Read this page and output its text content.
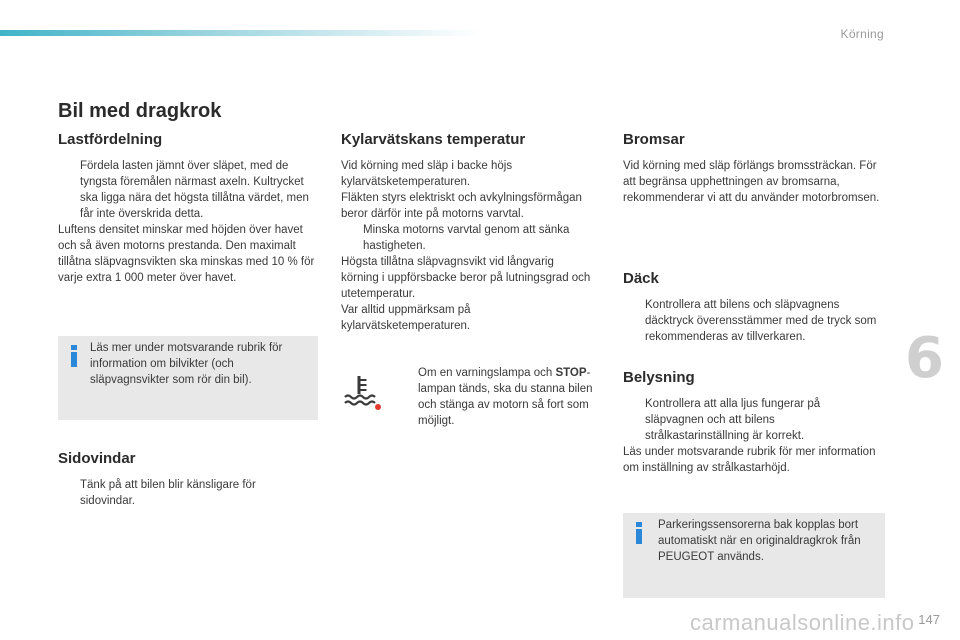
Körning
6
147
carmanualsonline.info
Bil med dragkrok
Lastfördelning

Fördela lasten jämnt över släpet, med de tyngsta föremålen närmast axeln. Kultrycket ska ligga nära det högsta tillåtna värdet, men får inte överskrida detta.

Luftens densitet minskar med höjden över havet och så även motorns prestanda. Den maximalt tillåtna släpvagnsvikten ska minskas med 10 % för varje extra 1 000 meter över havet.

Läs mer under motsvarande rubrik för information om bilvikter (och släpvagnsvikter som rör din bil).

Sidovindar

Tänk på att bilen blir känsligare för sidovindar.

Kylarvätskans temperatur

Vid körning med släp i backe höjs kylarvätsketemperaturen.

Fläkten styrs elektriskt och avkylningsförmågan beror därför inte på motorns varvtal.

Minska motorns varvtal genom att sänka hastigheten.

Högsta tillåtna släpvagnsvikt vid långvarig körning i uppförsbacke beror på lutningsgrad och utetemperatur.

Var alltid uppmärksam på kylarvätsketemperaturen.

Om en varningslampa och STOP-lampan tänds, ska du stanna bilen och stänga av motorn så fort som möjligt.

Bromsar

Vid körning med släp förlängs bromssträckan. För att begränsa upphettningen av bromsarna, rekommenderar vi att du använder motorbromsen.

Däck

Kontrollera att bilens och släpvagnens däcktryck överensstämmer med de tryck som rekommenderas av tillverkaren.

Belysning

Kontrollera att alla ljus fungerar på släpvagnen och att bilens strålkastarinställning är korrekt.

Läs under motsvarande rubrik för mer information om inställning av strålkastarhöjd.

Parkeringssensorerna bak kopplas bort automatiskt när en originaldragkrok från PEUGEOT används.
